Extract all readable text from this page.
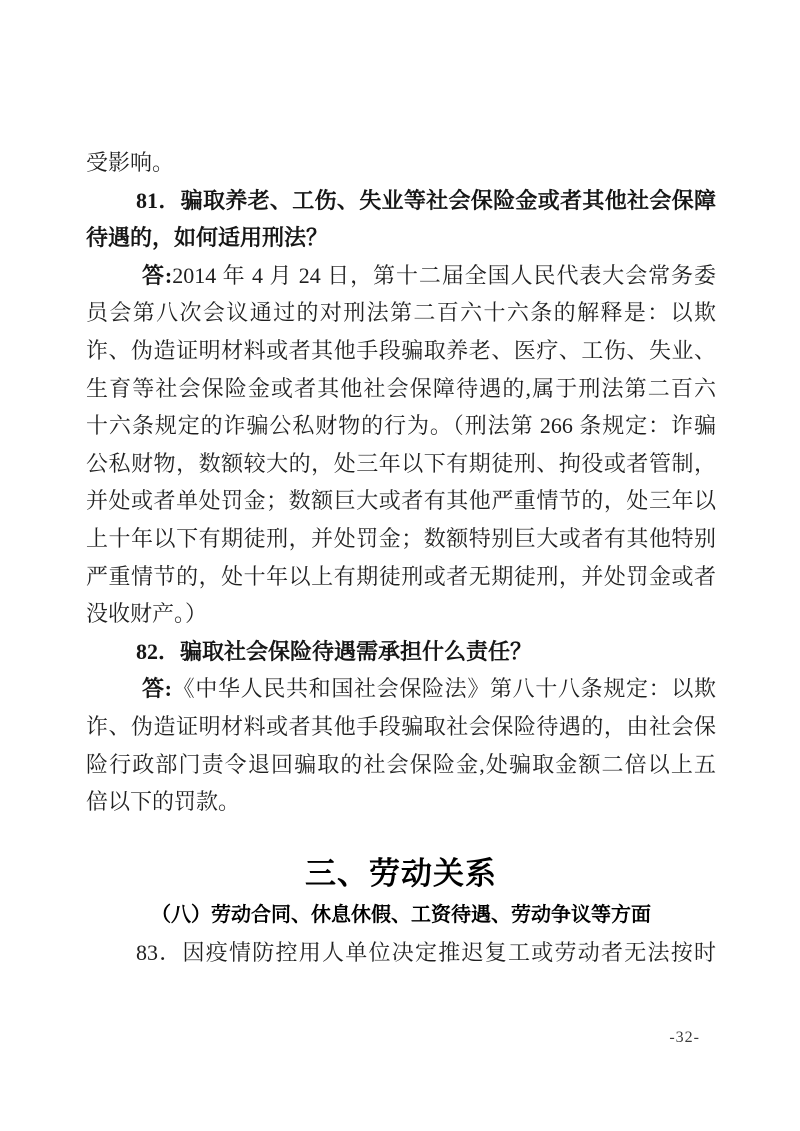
受影响。
81．骗取养老、工伤、失业等社会保险金或者其他社会保障
待遇的，如何适用刑法？
答:2014 年 4 月 24 日，第十二届全国人民代表大会常务委
员会第八次会议通过的对刑法第二百六十六条的解释是：以欺
诈、伪造证明材料或者其他手段骗取养老、医疗、工伤、失业、
生育等社会保险金或者其他社会保障待遇的,属于刑法第二百六
十六条规定的诈骗公私财物的行为。（刑法第 266 条规定：诈骗
公私财物，数额较大的，处三年以下有期徒刑、拘役或者管制，
并处或者单处罚金；数额巨大或者有其他严重情节的，处三年以
上十年以下有期徒刑，并处罚金；数额特别巨大或者有其他特别
严重情节的，处十年以上有期徒刑或者无期徒刑，并处罚金或者
没收财产。）
82．骗取社会保险待遇需承担什么责任？
答:《中华人民共和国社会保险法》第八十八条规定：以欺
诈、伪造证明材料或者其他手段骗取社会保险待遇的，由社会保
险行政部门责令退回骗取的社会保险金,处骗取金额二倍以上五
倍以下的罚款。
三、劳动关系
（八）劳动合同、休息休假、工资待遇、劳动争议等方面
83．因疫情防控用人单位决定推迟复工或劳动者无法按时
-32-
